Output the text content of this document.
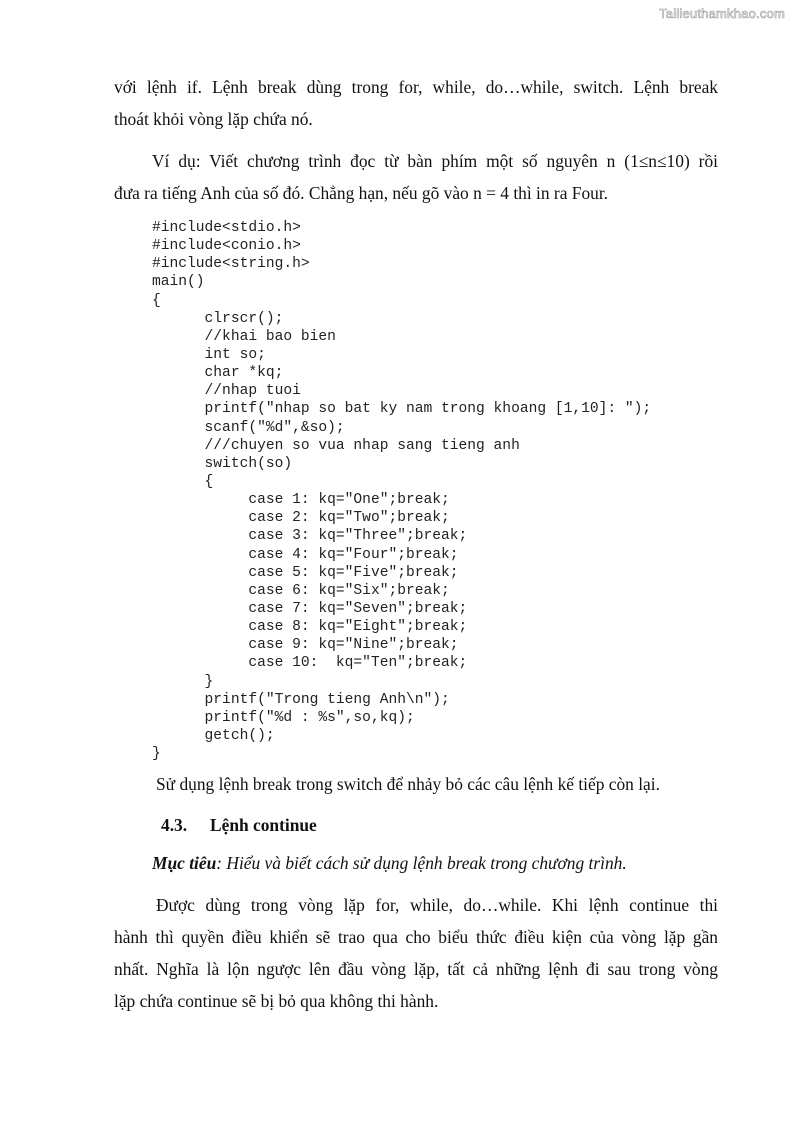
Tailieuthamkhao.com

với lệnh if. Lệnh break dùng trong for, while, do…while, switch. Lệnh break
thoát khỏi vòng lặp chứa nó.

Ví dụ: Viết chương trình đọc từ bàn phím một số nguyên n (1≤n≤10) rồi
đưa ra tiếng Anh của số đó. Chẳng hạn, nếu gõ vào n = 4 thì in ra Four.

#include<stdio.h>
#include<conio.h>
#include<string.h>
main()
{
clrscr();
//khai bao bien
int so;
char *kq;
//nhap tuoi
printf("nhap so bat ky nam trong khoang [1,10]: ");
scanf("%d",&so);
///chuyen so vua nhap sang tieng anh
switch(so)
{
case 1: kq="One";break;
case 2: kq="Two";break;
case 3: kq="Three";break;
case 4: kq="Four";break;
case 5: kq="Five";break;
case 6: kq="Six";break;
case 7: kq="Seven";break;
case 8: kq="Eight";break;
case 9: kq="Nine";break;
case 10:  kq="Ten";break;
}
printf("Trong tieng Anh\n");
printf("%d : %s",so,kq);
getch();
}

Sử dụng lệnh break trong switch để nhảy bỏ các câu lệnh kế tiếp còn lại.

4.3. Lệnh continue
Mục tiêu: Hiểu và biết cách sử dụng lệnh break trong chương trình.

Được dùng trong vòng lặp for, while, do…while. Khi lệnh continue thi
hành thì quyền điều khiển sẽ trao qua cho biểu thức điều kiện của vòng lặp gần
nhất. Nghĩa là lộn ngược lên đầu vòng lặp, tất cả những lệnh đi sau trong vòng
lặp chứa continue sẽ bị bỏ qua không thi hành.
